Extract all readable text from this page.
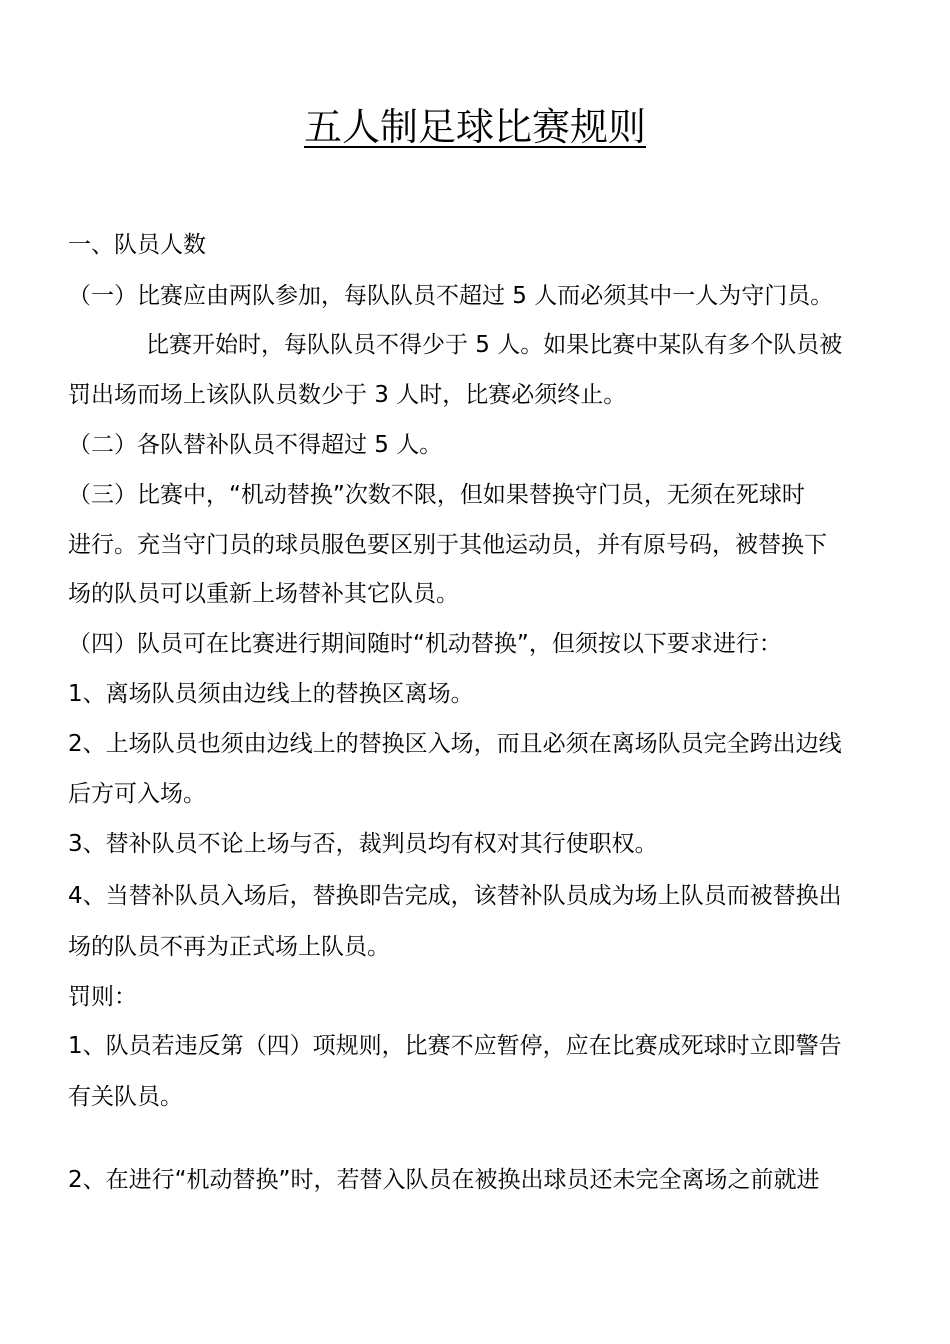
五人制足球比赛规则
一、队员人数
（一）比赛应由两队参加，每队队员不超过 5 人而必须其中一人为守门员。
比赛开始时，每队队员不得少于 5 人。如果比赛中某队有多个队员被
罚出场而场上该队队员数少于 3 人时，比赛必须终止。
（二）各队替补队员不得超过 5 人。
（三）比赛中，“机动替换”次数不限，但如果替换守门员，无须在死球时
进行。充当守门员的球员服色要区别于其他运动员，并有原号码，被替换下
场的队员可以重新上场替补其它队员。
（四）队员可在比赛进行期间随时“机动替换”，但须按以下要求进行：
1、离场队员须由边线上的替换区离场。
2、上场队员也须由边线上的替换区入场，而且必须在离场队员完全跨出边线
后方可入场。
3、替补队员不论上场与否，裁判员均有权对其行使职权。
4、当替补队员入场后，替换即告完成，该替补队员成为场上队员而被替换出
场的队员不再为正式场上队员。
罚则：
1、队员若违反第（四）项规则，比赛不应暂停，应在比赛成死球时立即警告
有关队员。
2、在进行“机动替换”时，若替入队员在被换出球员还未完全离场之前就进
